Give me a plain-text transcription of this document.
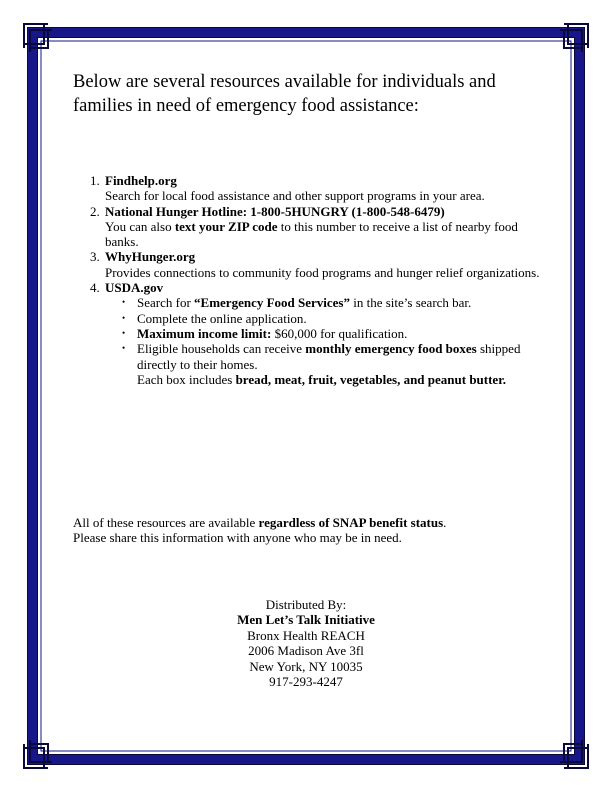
Below are several resources available for individuals and families in need of emergency food assistance:
1. Findhelp.org
Search for local food assistance and other support programs in your area.
2. National Hunger Hotline: 1-800-5HUNGRY (1-800-548-6479)
You can also text your ZIP code to this number to receive a list of nearby food banks.
3. WhyHunger.org
Provides connections to community food programs and hunger relief organizations.
4. USDA.gov
• Search for “Emergency Food Services” in the site’s search bar.
• Complete the online application.
• Maximum income limit: $60,000 for qualification.
• Eligible households can receive monthly emergency food boxes shipped directly to their homes.
Each box includes bread, meat, fruit, vegetables, and peanut butter.
All of these resources are available regardless of SNAP benefit status.
Please share this information with anyone who may be in need.
Distributed By:
Men Let’s Talk Initiative
Bronx Health REACH
2006 Madison Ave 3fl
New York, NY 10035
917-293-4247
